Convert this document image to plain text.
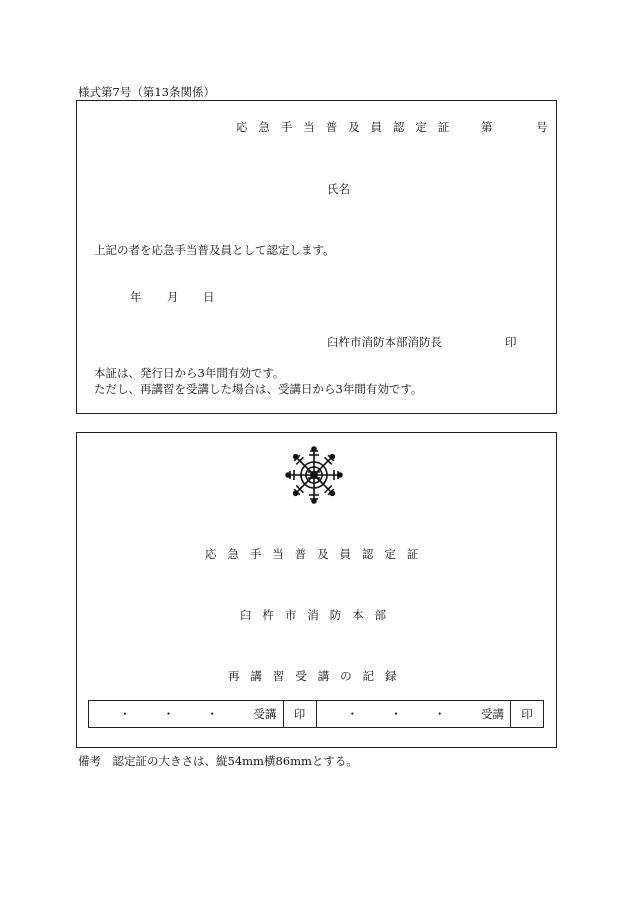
様式第7号（第13条関係）
応急手当普及員認定証 第	号
氏名
上記の者を応急手当普及員として認定します。
年 月 日
臼杵市消防本部消防長	印
本証は、発行日から3年間有効です。
ただし、再講習を受講した場合は、受講日から3年間有効です。
応急手当普及員認定証
臼杵市消防本部
再講習受講の記録
・	・	・	受講	印	・	・	・	受講	印
備考　認定証の大きさは、縦54mm横86mmとする。
